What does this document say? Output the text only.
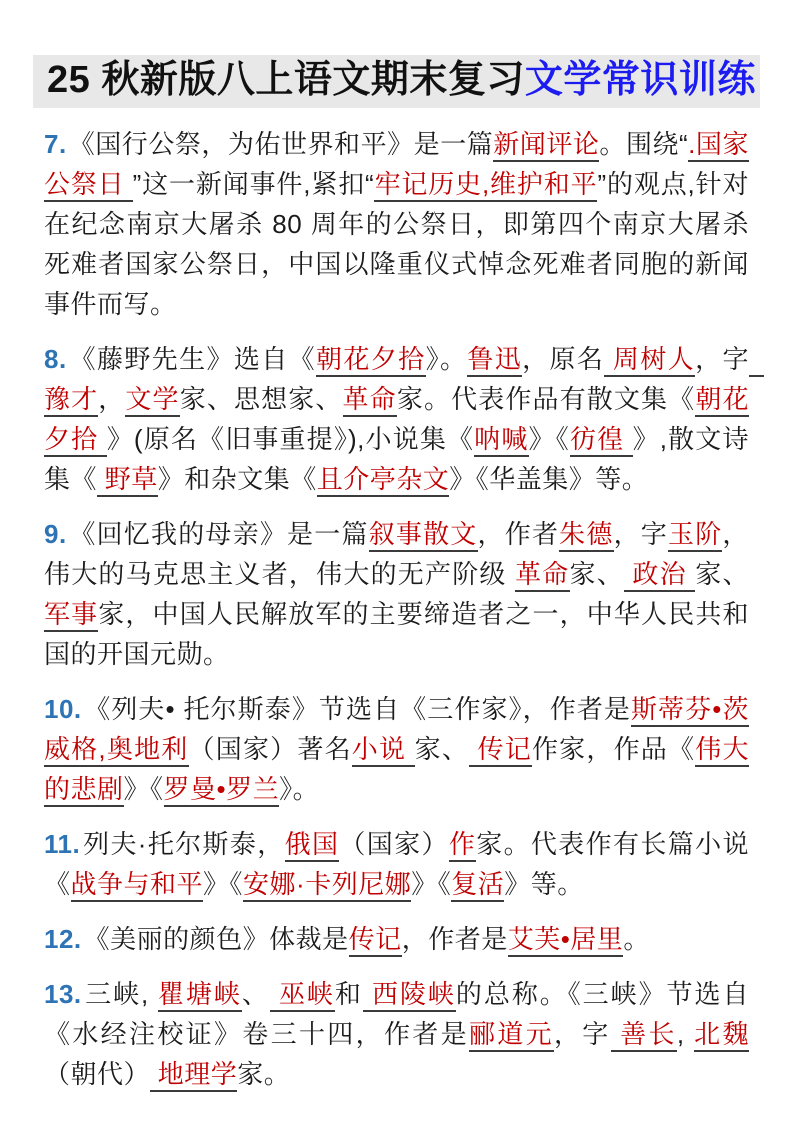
25 秋新版八上语文期末复习文学常识训练

7.《国行公祭，为佑世界和平》是一篇新闻评论。围绕“.国家公祭日 ”这一新闻事件,紧扣“牢记历史,维护和平”的观点,针对在纪念南京大屠杀 80 周年的公祭日，即第四个南京大屠杀死难者国家公祭日，中国以隆重仪式悼念死难者同胞的新闻事件而写。

8.《藤野先生》选自《朝花夕拾》。鲁迅，原名 周树人，字  豫才，文学家、思想家、革命家。代表作品有散文集《朝花夕拾 》(原名《旧事重提》),小说集《呐喊》《彷徨 》,散文诗集《 野草》和杂文集《且介亭杂文》《华盖集》等。

9.《回忆我的母亲》是一篇叙事散文，作者朱德，字玉阶，伟大的马克思主义者，伟大的无产阶级 革命家、 政治 家、军事家，中国人民解放军的主要缔造者之一，中华人民共和国的开国元勋。

10.《列夫• 托尔斯泰》节选自《三作家》，作者是斯蒂芬•茨威格,奥地利（国家）著名小说 家、 传记作家，作品《伟大的悲剧》《罗曼•罗兰》。

11.列夫·托尔斯泰，俄国（国家）作家。代表作有长篇小说《战争与和平》《安娜·卡列尼娜》《复活》等。

12.《美丽的颜色》体裁是传记，作者是艾芙•居里。

13.三峡, 瞿塘峡、 巫峡和 西陵峡的总称。《三峡》节选自《水经注校证》卷三十四，作者是郦道元，字 善长, 北魏（朝代） 地理学家。
